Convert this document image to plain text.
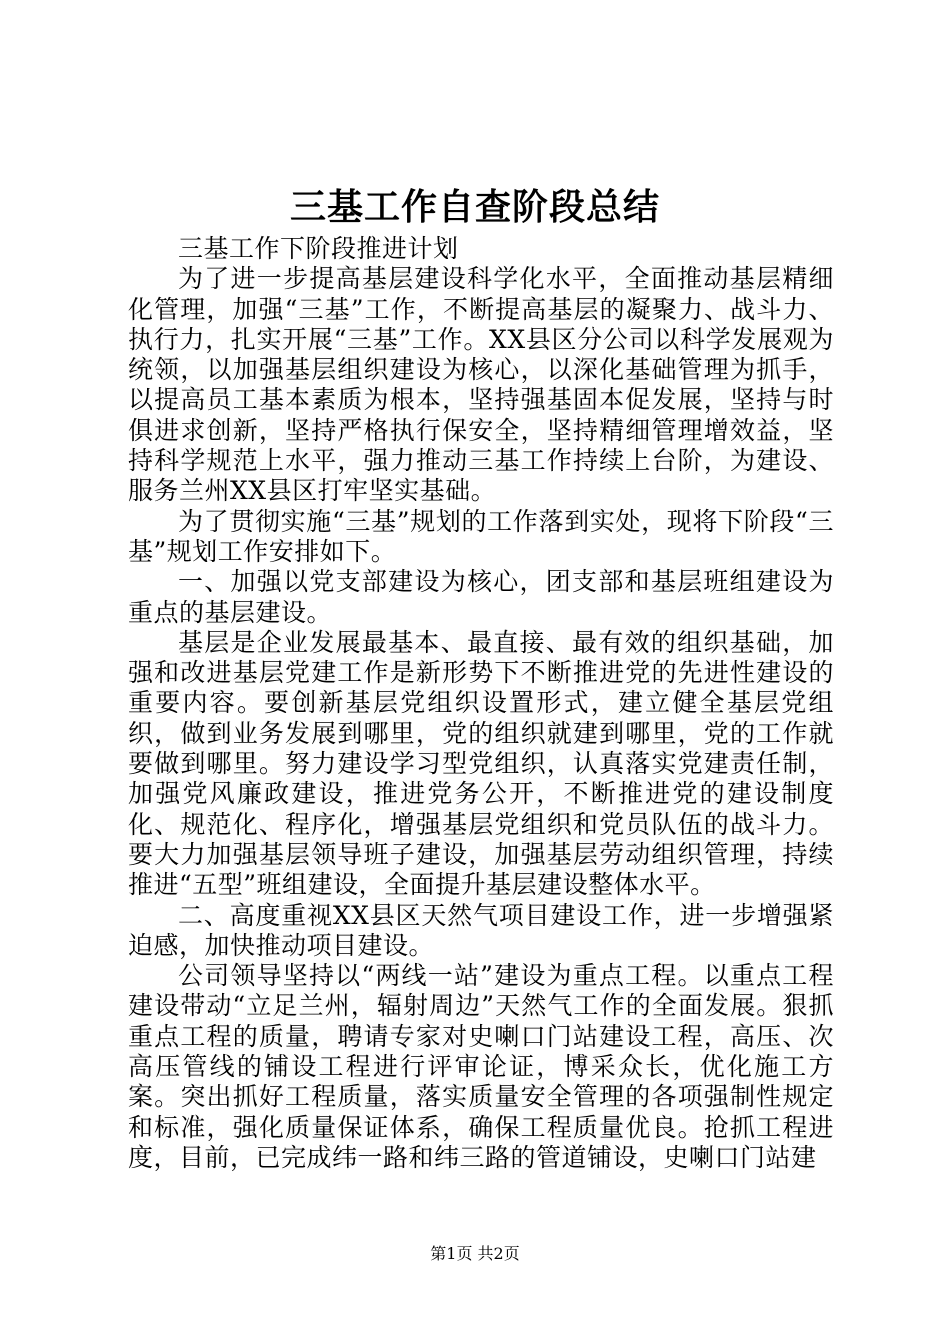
三基工作自查阶段总结

三基工作下阶段推进计划

为了进一步提高基层建设科学化水平，全面推动基层精细化管理，加强“三基”工作，不断提高基层的凝聚力、战斗力、执行力，扎实开展“三基”工作。XX县区分公司以科学发展观为统领，以加强基层组织建设为核心，以深化基础管理为抓手，以提高员工基本素质为根本，坚持强基固本促发展，坚持与时俱进求创新，坚持严格执行保安全，坚持精细管理增效益，坚持科学规范上水平，强力推动三基工作持续上台阶，为建设、服务兰州XX县区打牢坚实基础。

为了贯彻实施“三基”规划的工作落到实处，现将下阶段“三基”规划工作安排如下。

一、加强以党支部建设为核心，团支部和基层班组建设为重点的基层建设。

基层是企业发展最基本、最直接、最有效的组织基础，加强和改进基层党建工作是新形势下不断推进党的先进性建设的重要内容。要创新基层党组织设置形式，建立健全基层党组织，做到业务发展到哪里，党的组织就建到哪里，党的工作就要做到哪里。努力建设学习型党组织，认真落实党建责任制，加强党风廉政建设，推进党务公开，不断推进党的建设制度化、规范化、程序化，增强基层党组织和党员队伍的战斗力。要大力加强基层领导班子建设，加强基层劳动组织管理，持续推进“五型”班组建设，全面提升基层建设整体水平。

二、高度重视XX县区天然气项目建设工作，进一步增强紧迫感，加快推动项目建设。

公司领导坚持以“两线一站”建设为重点工程。以重点工程建设带动“立足兰州，辐射周边”天然气工作的全面发展。狠抓重点工程的质量，聘请专家对史喇口门站建设工程，高压、次高压管线的铺设工程进行评审论证，博采众长，优化施工方案。突出抓好工程质量，落实质量安全管理的各项强制性规定和标准，强化质量保证体系，确保工程质量优良。抢抓工程进度，目前，已完成纬一路和纬三路的管道铺设，史喇口门站建

第1页 共2页
